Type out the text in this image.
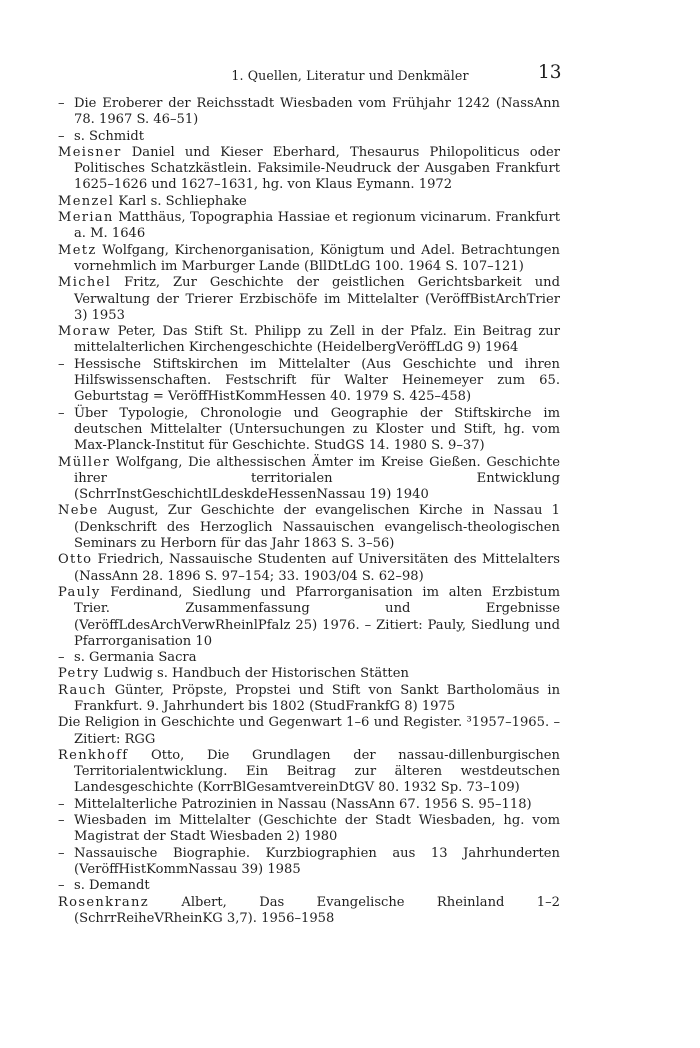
1. Quellen, Literatur und Denkmäler	13
– Die Eroberer der Reichsstadt Wiesbaden vom Frühjahr 1242 (NassAnn 78. 1967 S. 46–51)
– s. Schmidt
Meisner Daniel und Kieser Eberhard, Thesaurus Philopoliticus oder Politisches Schatzkästlein. Faksimile-Neudruck der Ausgaben Frankfurt 1625–1626 und 1627–1631, hg. von Klaus Eymann. 1972
Menzel Karl s. Schliephake
Merian Matthäus, Topographia Hassiae et regionum vicinarum. Frankfurt a. M. 1646
Metz Wolfgang, Kirchenorganisation, Königtum und Adel. Betrachtungen vornehmlich im Marburger Lande (BllDtLdG 100. 1964 S. 107–121)
Michel Fritz, Zur Geschichte der geistlichen Gerichtsbarkeit und Verwaltung der Trierer Erzbischöfe im Mittelalter (VeröffBistArchTrier 3) 1953
Moraw Peter, Das Stift St. Philipp zu Zell in der Pfalz. Ein Beitrag zur mittelalterlichen Kirchengeschichte (HeidelbergVeröffLdG 9) 1964
– Hessische Stiftskirchen im Mittelalter (Aus Geschichte und ihren Hilfswissenschaften. Festschrift für Walter Heinemeyer zum 65. Geburtstag = VeröffHistKommHessen 40. 1979 S. 425–458)
– Über Typologie, Chronologie und Geographie der Stiftskirche im deutschen Mittelalter (Untersuchungen zu Kloster und Stift, hg. vom Max-Planck-Institut für Geschichte. StudGS 14. 1980 S. 9–37)
Müller Wolfgang, Die althessischen Ämter im Kreise Gießen. Geschichte ihrer territorialen Entwicklung (SchrrInstGeschichtlLdeskdeHessenNassau 19) 1940
Nebe August, Zur Geschichte der evangelischen Kirche in Nassau 1 (Denkschrift des Herzoglich Nassauischen evangelisch-theologischen Seminars zu Herborn für das Jahr 1863 S. 3–56)
Otto Friedrich, Nassauische Studenten auf Universitäten des Mittelalters (NassAnn 28. 1896 S. 97–154; 33. 1903/04 S. 62–98)
Pauly Ferdinand, Siedlung und Pfarrorganisation im alten Erzbistum Trier. Zusammenfassung und Ergebnisse (VeröffLdesArchVerwRheinlPfalz 25) 1976. – Zitiert: Pauly, Siedlung und Pfarrorganisation 10
– s. Germania Sacra
Petry Ludwig s. Handbuch der Historischen Stätten
Rauch Günter, Pröpste, Propstei und Stift von Sankt Bartholomäus in Frankfurt. 9. Jahrhundert bis 1802 (StudFrankfG 8) 1975
Die Religion in Geschichte und Gegenwart 1–6 und Register. ³1957–1965. – Zitiert: RGG
Renkhoff Otto, Die Grundlagen der nassau-dillenburgischen Territorialentwicklung. Ein Beitrag zur älteren westdeutschen Landesgeschichte (KorrBlGesamtvereinDtGV 80. 1932 Sp. 73–109)
– Mittelalterliche Patrozinien in Nassau (NassAnn 67. 1956 S. 95–118)
– Wiesbaden im Mittelalter (Geschichte der Stadt Wiesbaden, hg. vom Magistrat der Stadt Wiesbaden 2) 1980
– Nassauische Biographie. Kurzbiographien aus 13 Jahrhunderten (VeröffHistKommNassau 39) 1985
– s. Demandt
Rosenkranz Albert, Das Evangelische Rheinland 1–2 (SchrrReiheVRheinKG 3,7). 1956–1958
